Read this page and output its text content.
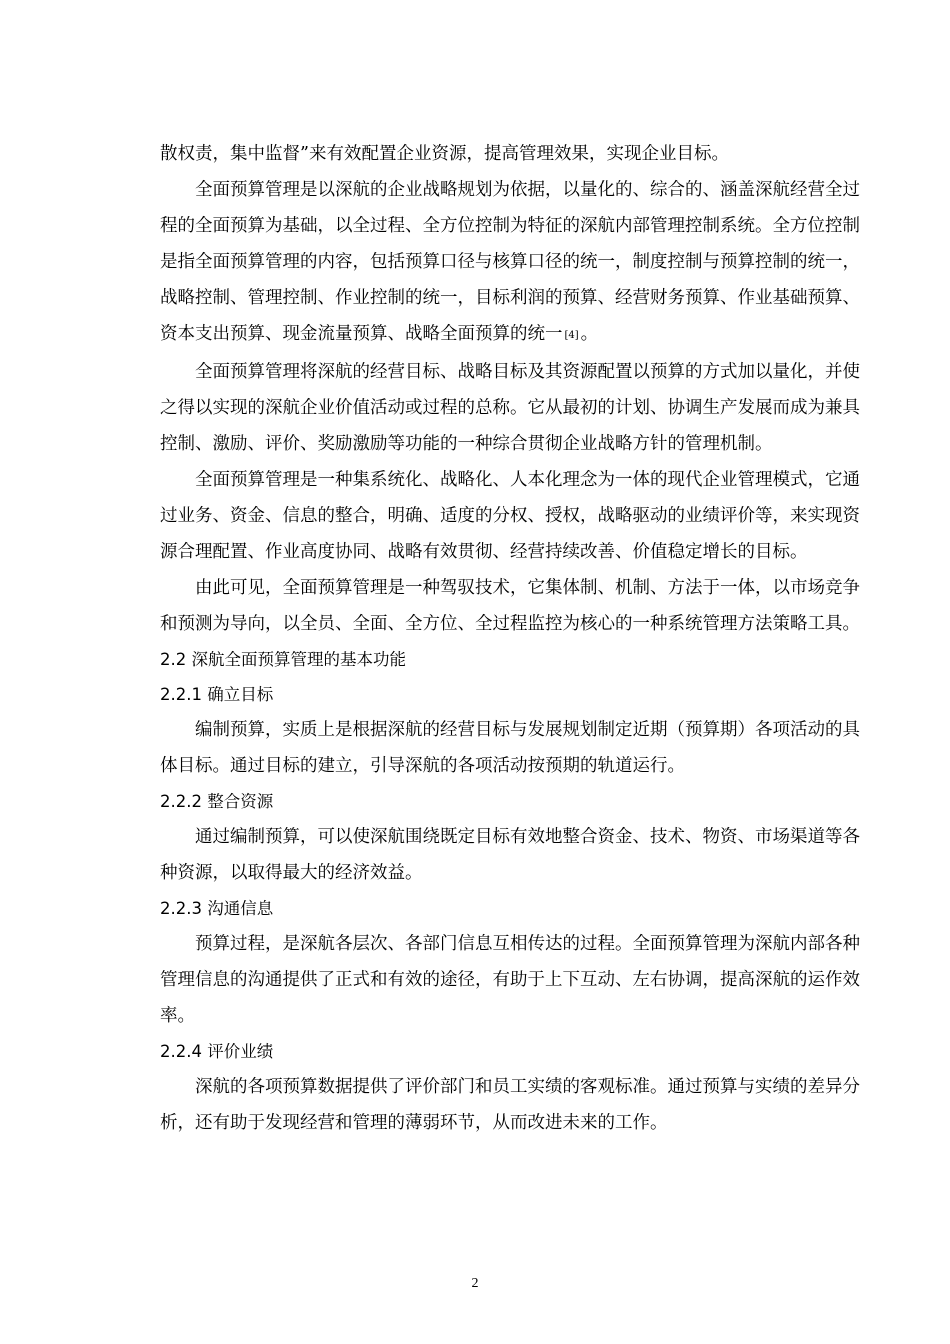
散权责，集中监督”来有效配置企业资源，提高管理效果，实现企业目标。

全面预算管理是以深航的企业战略规划为依据，以量化的、综合的、涵盖深航经营全过程的全面预算为基础，以全过程、全方位控制为特征的深航内部管理控制系统。全方位控制是指全面预算管理的内容，包括预算口径与核算口径的统一，制度控制与预算控制的统一，战略控制、管理控制、作业控制的统一，目标利润的预算、经营财务预算、作业基础预算、资本支出预算、现金流量预算、战略全面预算的统一 [4] 。

全面预算管理将深航的经营目标、战略目标及其资源配置以预算的方式加以量化，并使之得以实现的深航企业价值活动或过程的总称。它从最初的计划、协调生产发展而成为兼具控制、激励、评价、奖励激励等功能的一种综合贯彻企业战略方针的管理机制。

全面预算管理是一种集系统化、战略化、人本化理念为一体的现代企业管理模式，它通过业务、资金、信息的整合，明确、适度的分权、授权，战略驱动的业绩评价等，来实现资源合理配置、作业高度协同、战略有效贯彻、经营持续改善、价值稳定增长的目标。

由此可见，全面预算管理是一种驾驭技术，它集体制、机制、方法于一体，以市场竞争和预测为导向，以全员、全面、全方位、全过程监控为核心的一种系统管理方法策略工具。

2.2 深航全面预算管理的基本功能
2.2.1 确立目标

编制预算，实质上是根据深航的经营目标与发展规划制定近期（预算期）各项活动的具体目标。通过目标的建立，引导深航的各项活动按预期的轨道运行。

2.2.2 整合资源

通过编制预算，可以使深航围绕既定目标有效地整合资金、技术、物资、市场渠道等各种资源，以取得最大的经济效益。

2.2.3 沟通信息

预算过程，是深航各层次、各部门信息互相传达的过程。全面预算管理为深航内部各种管理信息的沟通提供了正式和有效的途径，有助于上下互动、左右协调，提高深航的运作效率。

2.2.4 评价业绩

深航的各项预算数据提供了评价部门和员工实绩的客观标准。通过预算与实绩的差异分析，还有助于发现经营和管理的薄弱环节，从而改进未来的工作。

2
